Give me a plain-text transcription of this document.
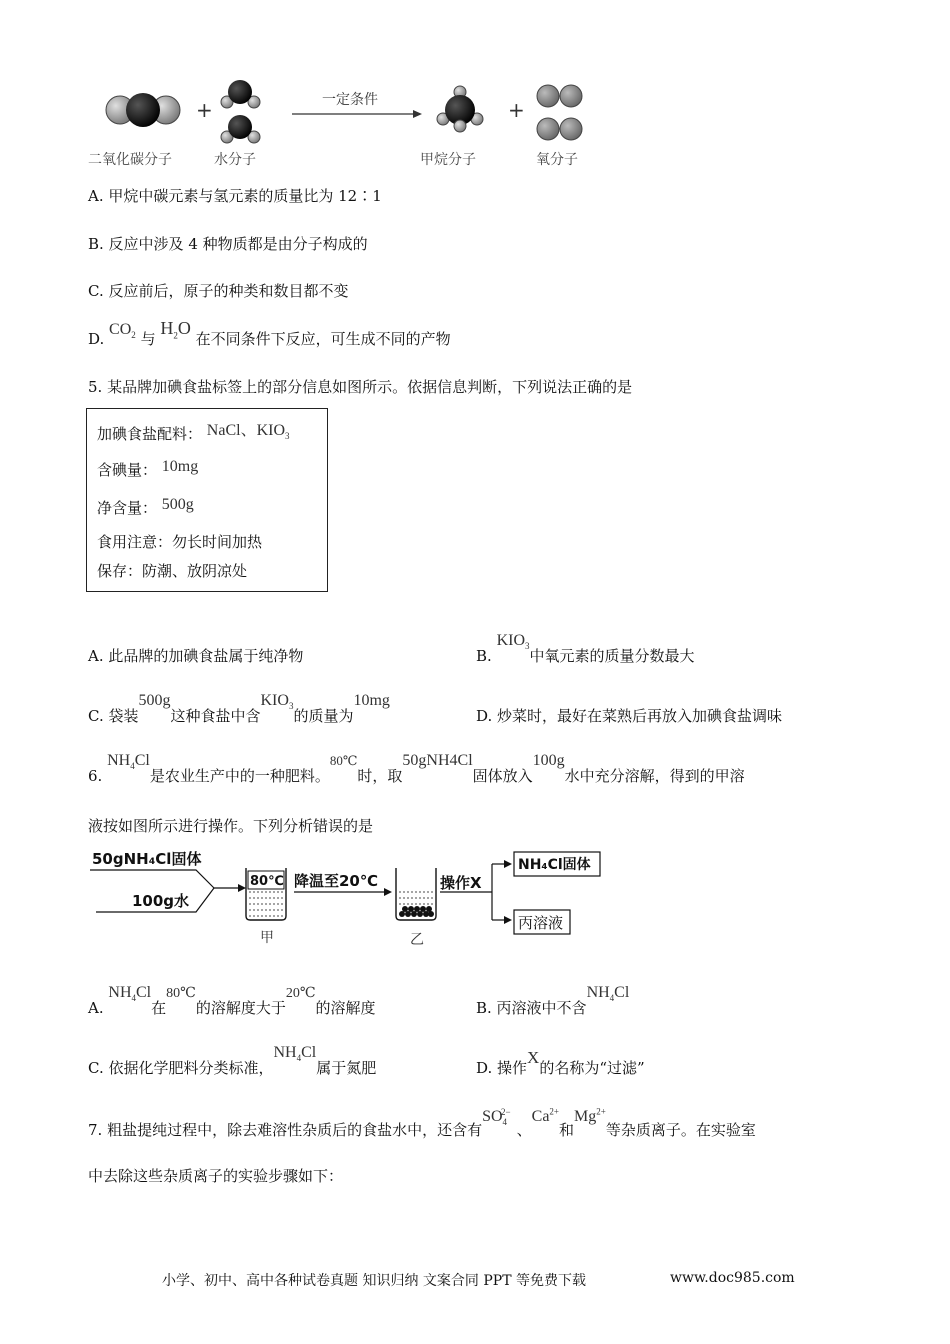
+	一定条件	+
二氧化碳分子	水分子	甲烷分子	氧分子
A. 甲烷中碳元素与氢元素的质量比为 12∶1
B. 反应中涉及 4 种物质都是由分子构成的
C. 反应前后，原子的种类和数目都不变
D. $CO_2$ 与 $H_2O$ 在不同条件下反应，可生成不同的产物
5. 某品牌加碘食盐标签上的部分信息如图所示。依据信息判断，下列说法正确的是
加碘食盐配料： NaCl、$KIO_3$
含碘量： 10mg
净含量： 500g
食用注意：勿长时间加热
保存：防潮、放阴凉处
A. 此品牌的加碘食盐属于纯净物	B. $KIO_3$中氧元素的质量分数最大
C. 袋装500g这种食盐中含$KIO_3$的质量为10mg
D. 炒菜时，最好在菜熟后再放入加碘食盐调味
6. $NH_4Cl$是农业生产中的一种肥料。80℃时，取50gNH4Cl固体放入100g水中充分溶解，得到的甲溶
液按如图所示进行操作。下列分析错误的是
50gNH₄Cl固体
100g水
80℃
甲
降温至20℃
乙
操作X
NH₄Cl固体
丙溶液
A. $NH_4Cl$在80℃的溶解度大于20℃的溶解度	B. 丙溶液中不含$NH_4Cl$
C. 依据化学肥料分类标准，$NH_4Cl$属于氮肥	D. 操作X的名称为“过滤”
7. 粗盐提纯过程中，除去难溶性杂质后的食盐水中，还含有$SO_4^{2-}$、$Ca^{2+}$和$Mg^{2+}$等杂质离子。在实验室
中去除这些杂质离子的实验步骤如下：
小学、初中、高中各种试卷真题 知识归纳 文案合同 PPT 等免费下载	www.doc985.com
